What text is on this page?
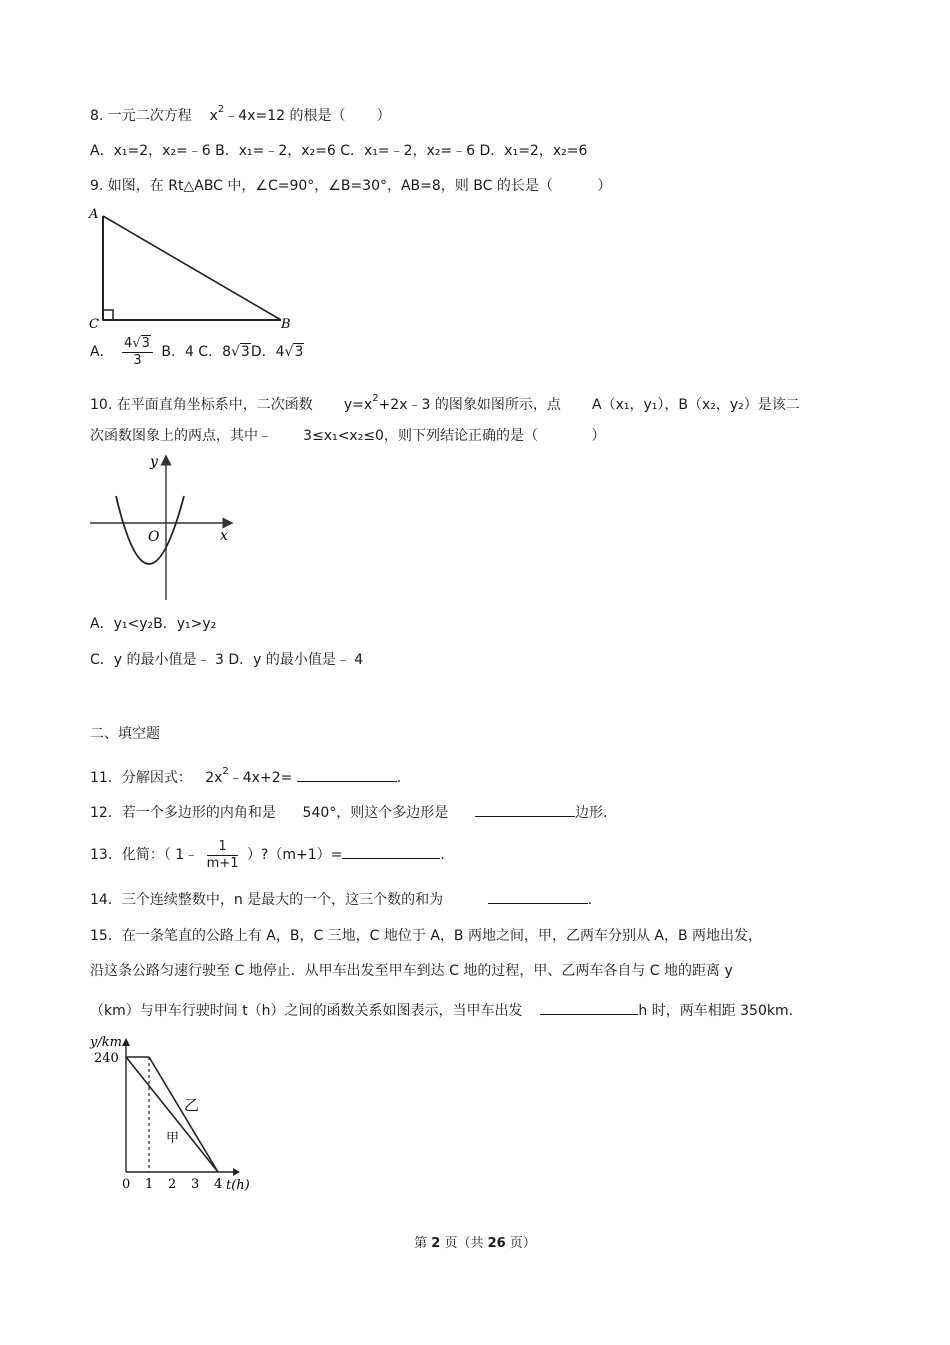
8. 一元二次方程 $x^2﹣4x=12$ 的根是（ ）
A．x₁=2，x₂=﹣6 B．x₁=﹣2，x₂=6 C．x₁=﹣2，x₂=﹣6 D．x₁=2，x₂=6
9. 如图，在 Rt△ABC 中，∠C=90°，∠B=30°，AB=8，则 BC 的长是（	）
A
C	B
A． $\frac{4√3}{3}$ B．4 C．8√3D．4√3
10. 在平面直角坐标系中，二次函数 $y=x^2+2x﹣3$ 的图象如图所示，点 A（x₁，y₁），B（x₂，y₂）是该二
次函数图象上的两点，其中﹣ 3≤x₁<x₂≤0，则下列结论正确的是（	）
y
x
O
A．y₁<y₂B．y₁>y₂
C．y 的最小值是﹣ 3 D．y 的最小值是﹣ 4
二、填空题
11．分解因式： $2x^2﹣4x+2=$	.
12．若一个多边形的内角和是 540°，则这个多边形是	边形.
13．化简：（ 1﹣ $\frac{1}{m+1}$ ）?（m+1）=	.
14．三个连续整数中，n 是最大的一个，这三个数的和为	.
15．在一条笔直的公路上有 A，B，C 三地，C 地位于 A，B 两地之间，甲，乙两车分别从 A，B 两地出发，
沿这条公路匀速行驶至 C 地停止．从甲车出发至甲车到达 C 地的过程，甲、乙两车各自与 C 地的距离 y
（km）与甲车行驶时间 t（h）之间的函数关系如图表示，当甲车出发	h 时，两车相距 350km．
y/km
240
t(h)
0 1 2 3 4
乙
甲
第 2 页（共 26 页）
